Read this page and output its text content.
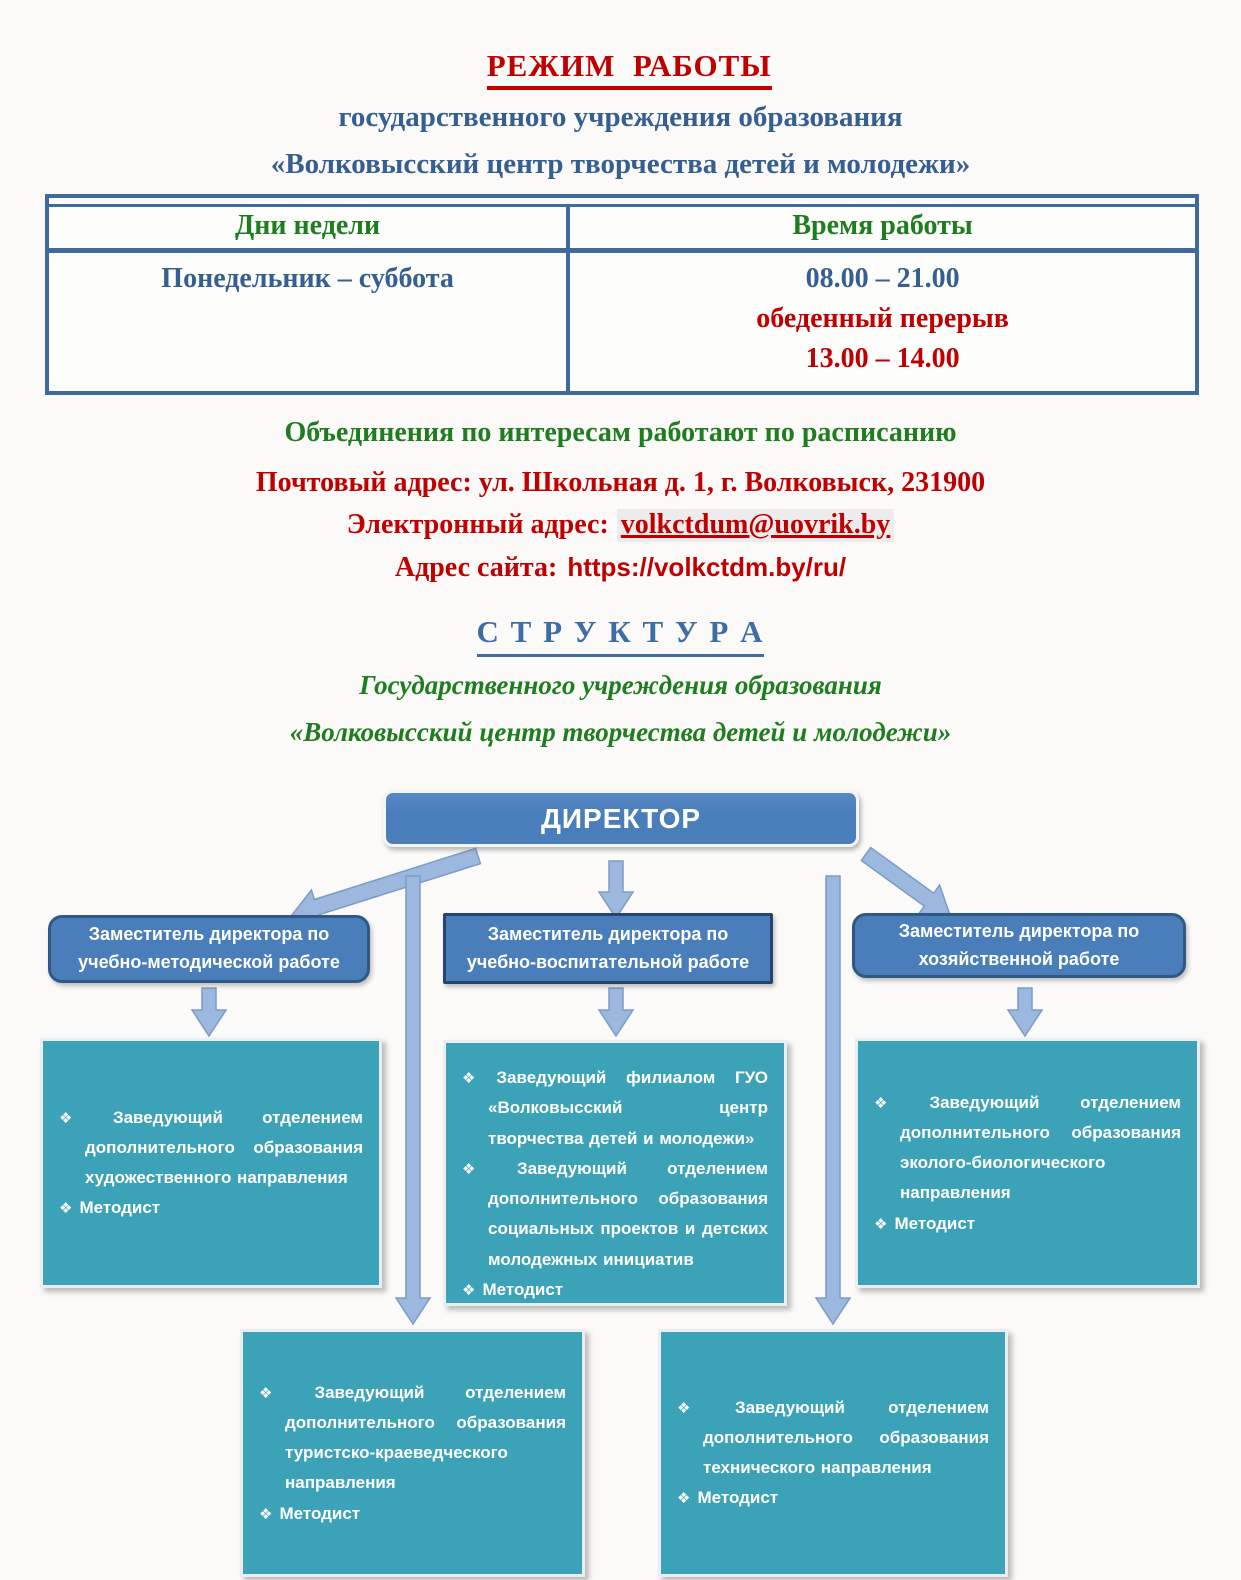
РЕЖИМ  РАБОТЫ

государственного учреждения образования
«Волковысский центр творчества детей и молодежи»
Дни недели	Время работы
Понедельник – суббота	08.00 – 21.00
обеденный перерыв
13.00 – 14.00
Объединения по интересам работают по расписанию
Почтовый адрес: ул. Школьная д. 1, г. Волковыск, 231900
Электронный адрес: volkctdum@uovrik.by
Адрес сайта: https://volkctdm.by/ru/
С Т Р У К Т У Р А
Государственного учреждения образования
«Волковысский центр творчества детей и молодежи»
ДИРЕКТОР
Заместитель директора по учебно-методической работе
Заместитель директора по учебно-воспитательной работе
Заместитель директора по хозяйственной работе
❖ Заведующий отделением дополнительного образования художественного направления
❖ Методист
❖ Заведующий филиалом ГУО «Волковысский центр творчества детей и молодежи»
❖ Заведующий отделением дополнительного образования социальных проектов и детских молодежных инициатив
❖ Методист
❖ Заведующий отделением дополнительного образования эколого-биологического направления
❖ Методист
❖ Заведующий отделением дополнительного образования туристско-краеведческого направления
❖ Методист
❖ Заведующий отделением дополнительного образования технического направления
❖ Методист
